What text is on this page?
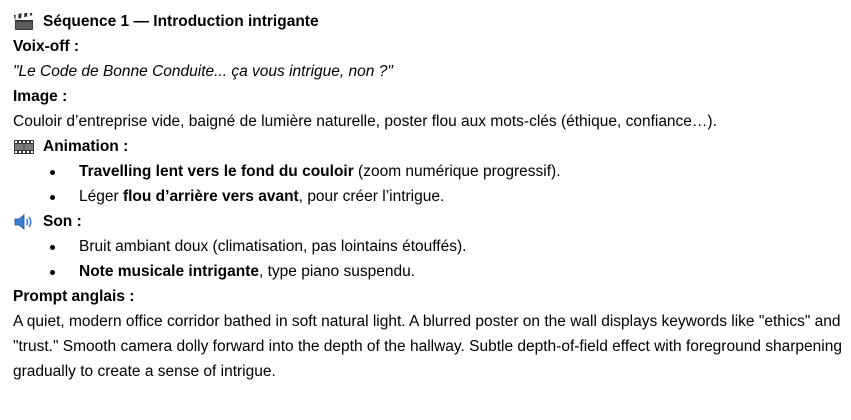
Séquence 1 — Introduction intrigante
Voix-off :

"Le Code de Bonne Conduite... ça vous intrigue, non ?"

Image :

Couloir d’entreprise vide, baigné de lumière naturelle, poster flou aux mots-clés (éthique, confiance…).

Animation :
Travelling lent vers le fond du couloir (zoom numérique progressif).
Léger flou d’arrière vers avant, pour créer l’intrigue.
Son :
Bruit ambiant doux (climatisation, pas lointains étouffés).
Note musicale intrigante, type piano suspendu.
Prompt anglais :

A quiet, modern office corridor bathed in soft natural light. A blurred poster on the wall displays keywords like "ethics" and "trust." Smooth camera dolly forward into the depth of the hallway. Subtle depth-of-field effect with foreground sharpening gradually to create a sense of intrigue.
